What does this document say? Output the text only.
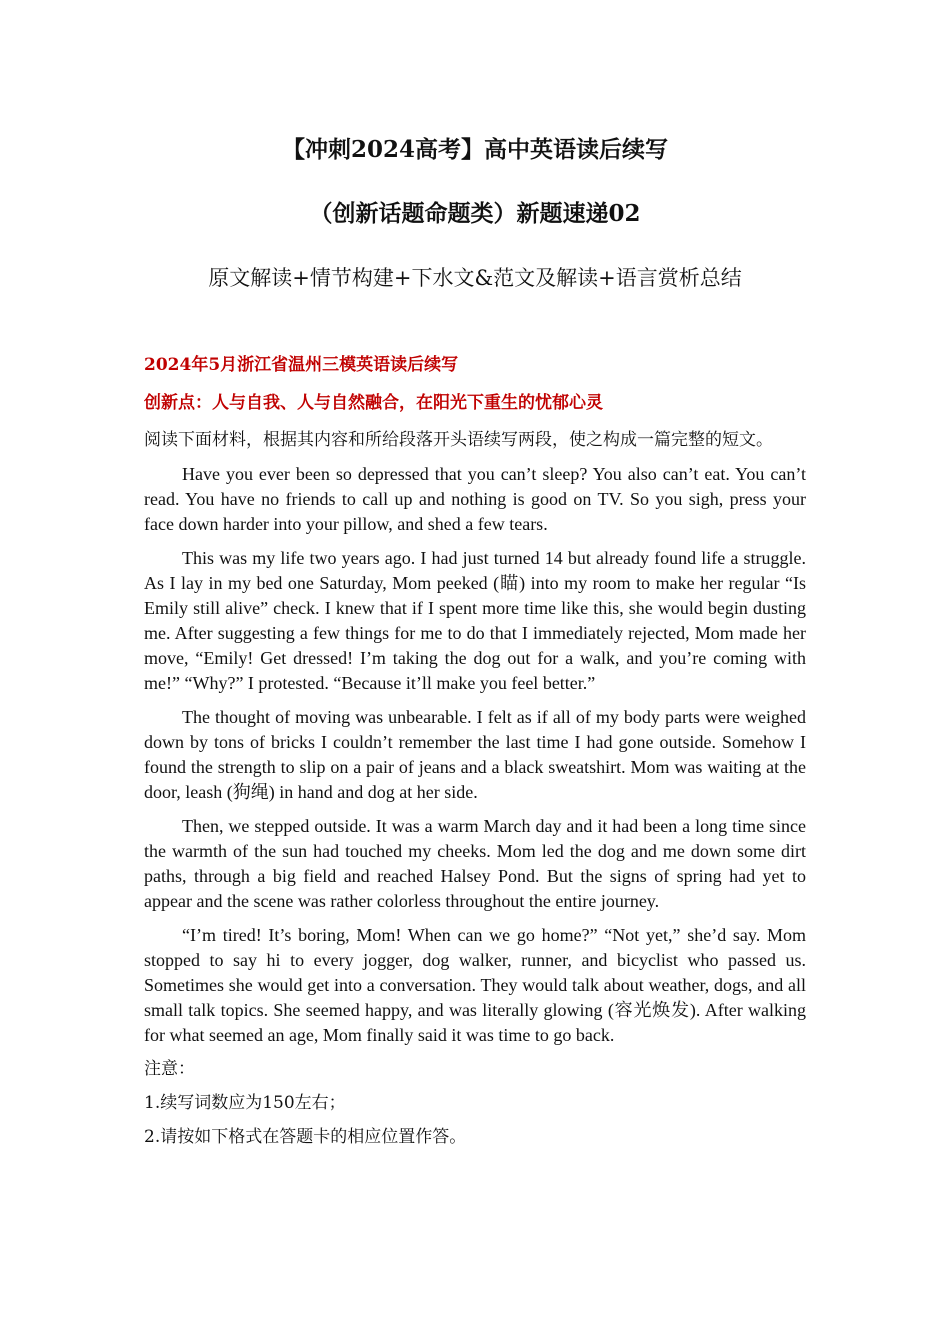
【冲刺2024高考】高中英语读后续写
（创新话题命题类）新题速递02
原文解读+情节构建+下水文&范文及解读+语言赏析总结

2024年5月浙江省温州三模英语读后续写

创新点：人与自我、人与自然融合，在阳光下重生的忧郁心灵

阅读下面材料，根据其内容和所给段落开头语续写两段，使之构成一篇完整的短文。

Have you ever been so depressed that you can’t sleep? You also can’t eat. You can’t read. You have no friends to call up and nothing is good on TV. So you sigh, press your face down harder into your pillow, and shed a few tears.

This was my life two years ago. I had just turned 14 but already found life a struggle. As I lay in my bed one Saturday, Mom peeked (瞄) into my room to make her regular “Is Emily still alive” check. I knew that if I spent more time like this, she would begin dusting me. After suggesting a few things for me to do that I immediately rejected, Mom made her move, “Emily! Get dressed! I’m taking the dog out for a walk, and you’re coming with me!” “Why?” I protested. “Because it’ll make you feel better.”

The thought of moving was unbearable. I felt as if all of my body parts were weighed down by tons of bricks I couldn’t remember the last time I had gone outside. Somehow I found the strength to slip on a pair of jeans and a black sweatshirt. Mom was waiting at the door, leash (狗绳) in hand and dog at her side.

Then, we stepped outside. It was a warm March day and it had been a long time since the warmth of the sun had touched my cheeks. Mom led the dog and me down some dirt paths, through a big field and reached Halsey Pond. But the signs of spring had yet to appear and the scene was rather colorless throughout the entire journey.

“I’m tired! It’s boring, Mom! When can we go home?” “Not yet,” she’d say. Mom stopped to say hi to every jogger, dog walker, runner, and bicyclist who passed us. Sometimes she would get into a conversation. They would talk about weather, dogs, and all small talk topics. She seemed happy, and was literally glowing (容光焕发). After walking for what seemed an age, Mom finally said it was time to go back.

注意：

1.续写词数应为150左右；

2.请按如下格式在答题卡的相应位置作答。
